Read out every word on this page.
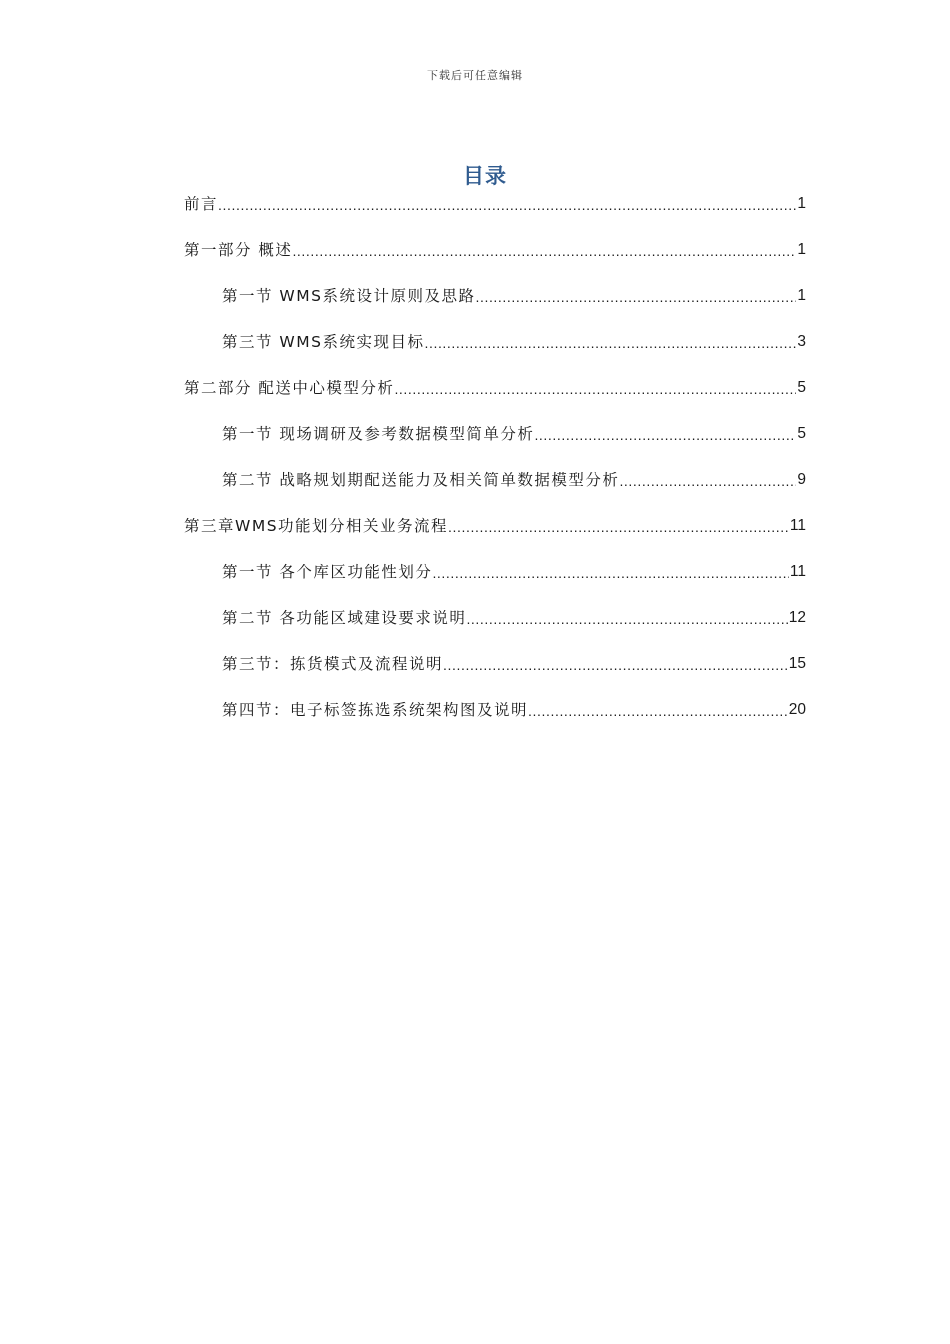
下载后可任意编辑
目录
前言 .....	1
第一部分 概述 .....	1
第一节 WMS系统设计原则及思路 .....	1
第三节 WMS系统实现目标 .....	3
第二部分 配送中心模型分析 .....	5
第一节 现场调研及参考数据模型简单分析 .....	5
第二节 战略规划期配送能力及相关简单数据模型分析 .....	9
第三章WMS功能划分相关业务流程 .....	11
第一节 各个库区功能性划分 .....	11
第二节 各功能区域建设要求说明 .....	12
第三节：拣货模式及流程说明 .....	15
第四节：电子标签拣选系统架构图及说明 .....	20
